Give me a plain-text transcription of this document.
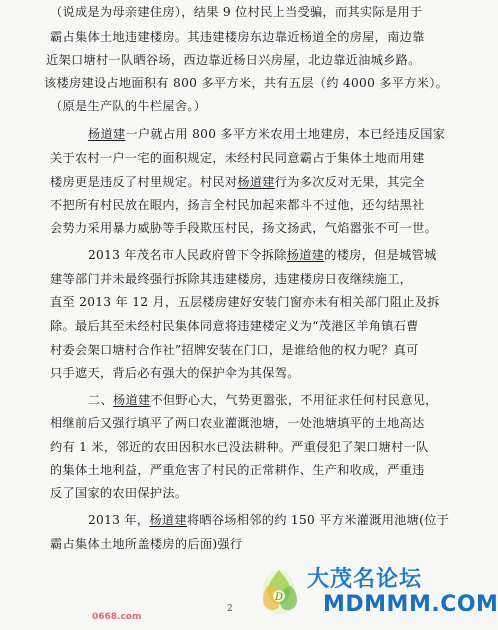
（说成是为母亲建住房），结果 9 位村民上当受骗，而其实际是用于
霸占集体土地违建楼房。其违建楼房东边靠近杨道全的房屋，南边靠
近架口塘村一队晒谷场，西边靠近杨日兴房屋，北边靠近油城乡路。
该楼房建设占地面积有 800 多平方米，共有五层（约 4000 多平方米）。
（原是生产队的牛栏屋舍。）
杨道建一户就占用 800 多平方米农用土地建房，本已经违反国家
关于农村一户一宅的面积规定，未经村民同意霸占于集体土地而用建
楼房更是违反了村里规定。村民对杨道建行为多次反对无果，其完全
不把所有村民放在眼内，扬言全村民加起来都斗不过他，还勾结黑社
会势力采用暴力威胁等手段欺压村民，扬文扬武，气焰嚣张不可一世。
2013 年茂名市人民政府曾下令拆除杨道建的楼房，但是城管城
建等部门并未最终强行拆除其违建楼房，违建楼房日夜继续施工，
直至 2013 年 12 月，五层楼房建好安装门窗亦未有相关部门阻止及拆
除。最后其至未经村民集体同意将违建楼定义为“茂港区羊角镇石曹
村委会架口塘村合作社”招牌安装在门口，是谁给他的权力呢？真可
只手遮天，背后必有强大的保护伞为其保驾。
二、杨道建不但野心大，气势更嚣张，不用征求任何村民意见，
相继前后又强行填平了两口农业灌溉池塘，一处池塘填平的土地高达
约有 1 米，邻近的农田因积水已没法耕种。严重侵犯了架口塘村一队
的集体土地利益，严重危害了村民的正常耕作、生产和收成，严重违
反了国家的农田保护法。
2013 年，杨道建将晒谷场相邻的约 150 平方米灌溉用池塘(位于
霸占集体土地所盖楼房的后面)强行
2
0668.com
D
大茂名论坛
MDMMM.COM
